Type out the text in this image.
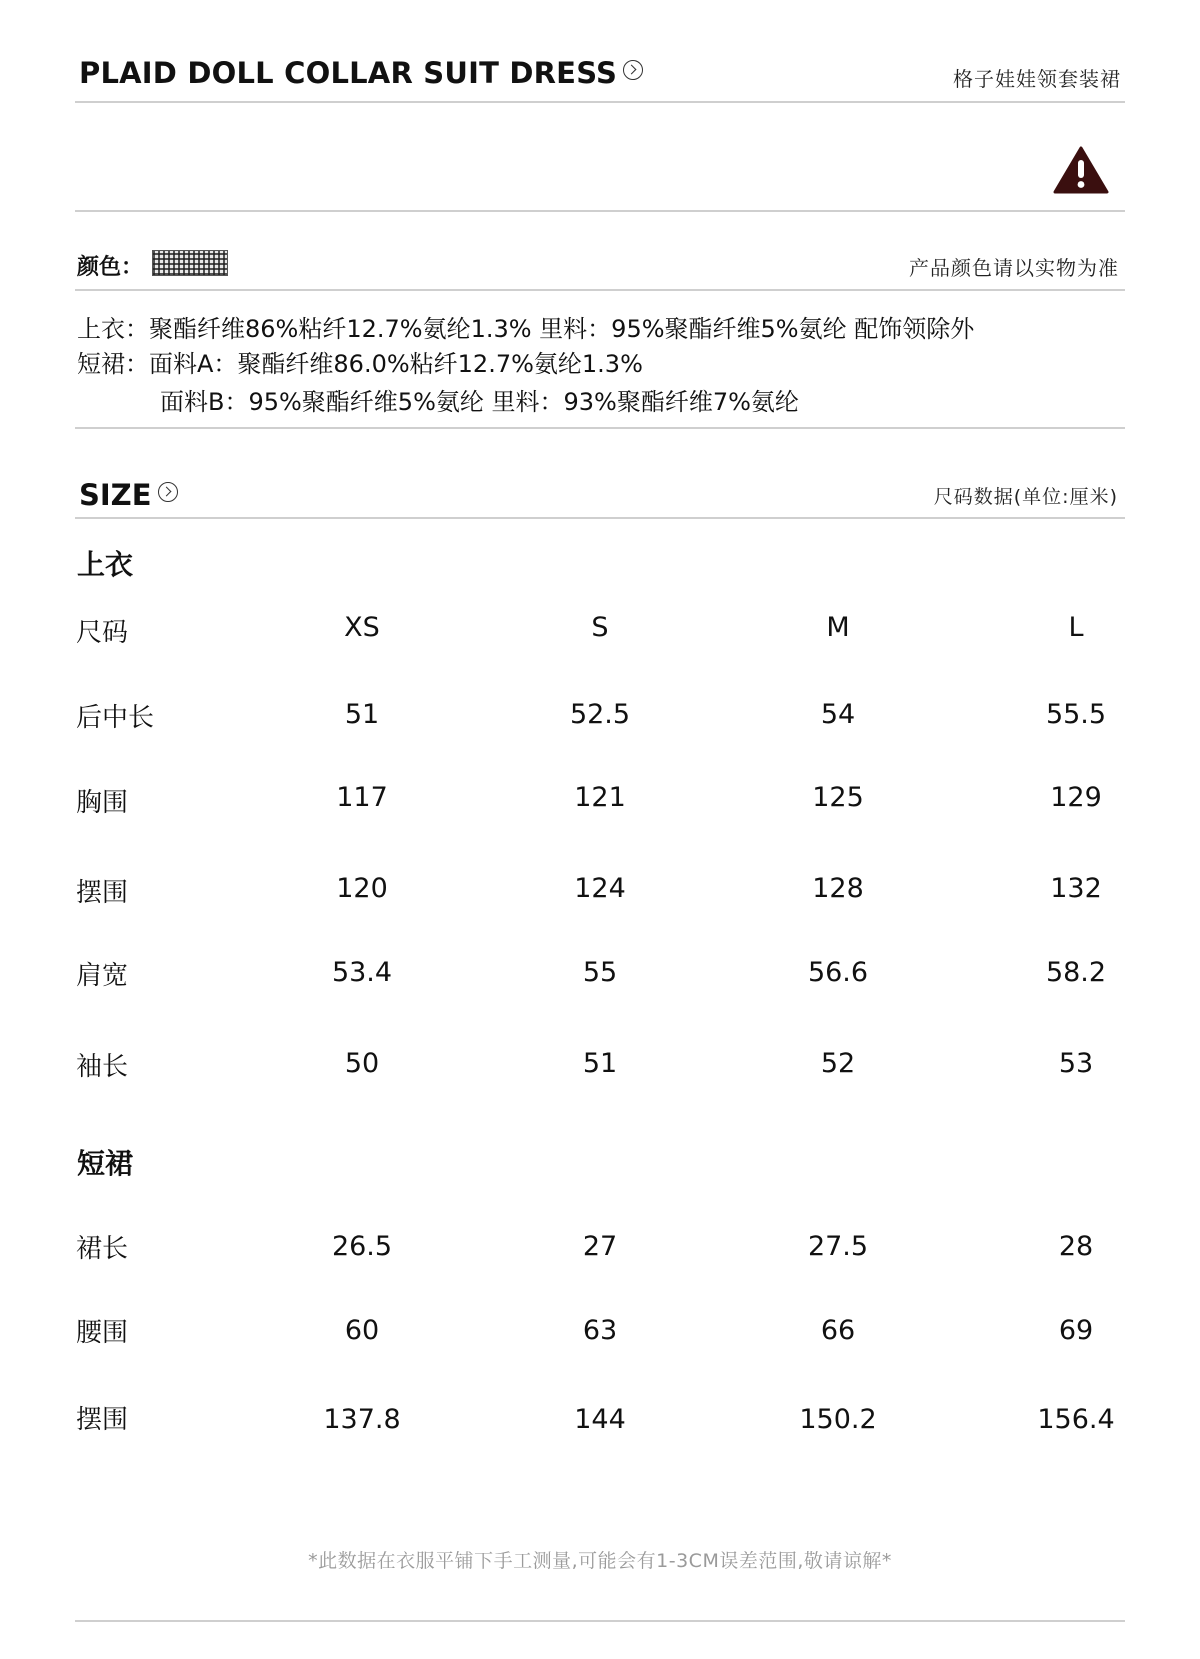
PLAID DOLL COLLAR SUIT DRESS	格子娃娃领套装裙
颜色：	产品颜色请以实物为准
上衣：聚酯纤维86%粘纤12.7%氨纶1.3% 里料：95%聚酯纤维5%氨纶 配饰领除外
短裙：面料A：聚酯纤维86.0%粘纤12.7%氨纶1.3%
面料B：95%聚酯纤维5%氨纶 里料：93%聚酯纤维7%氨纶
SIZE	尺码数据(单位:厘米)
上衣
尺码	XS	S	M	L
后中长	51	52.5	54	55.5
胸围	117	121	125	129
摆围	120	124	128	132
肩宽	53.4	55	56.6	58.2
袖长	50	51	52	53
短裙
裙长	26.5	27	27.5	28
腰围	60	63	66	69
摆围	137.8	144	150.2	156.4
*此数据在衣服平铺下手工测量,可能会有1-3CM误差范围,敬请谅解*
